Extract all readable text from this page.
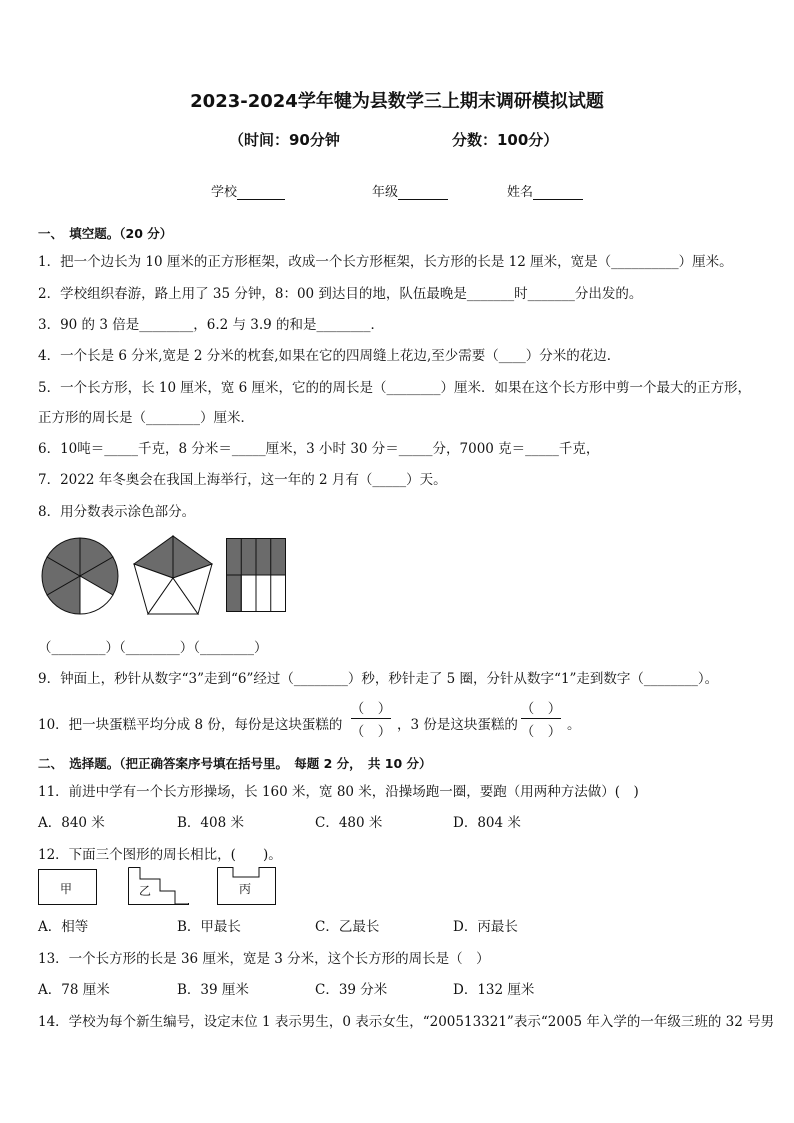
2023-2024学年犍为县数学三上期末调研模拟试题
（时间：90分钟	分数：100分）
学校	年级	姓名
一、　填空题。（20 分）
1．把一个边长为 10 厘米的正方形框架，改成一个长方形框架，长方形的长是 12 厘米，宽是（__________）厘米。
2．学校组织春游，路上用了 35 分钟，8：00 到达目的地，队伍最晚是_______时_______分出发的。
3．90 的 3 倍是________，6.2 与 3.9 的和是________．
4．一个长是 6 分米,宽是 2 分米的枕套,如果在它的四周缝上花边,至少需要（____）分米的花边．
5．一个长方形，长 10 厘米，宽 6 厘米，它的的周长是（________）厘米．如果在这个长方形中剪一个最大的正方形，
正方形的周长是（________）厘米．
6．10吨＝_____千克，8 分米＝_____厘米，3 小时 30 分＝_____分，7000 克＝_____千克，
7．2022 年冬奥会在我国上海举行，这一年的 2 月有（_____）天。
8．用分数表示涂色部分。
（________）（________）（________）
9．钟面上，秒针从数字“3”走到“6”经过（________）秒，秒针走了 5 圈，分针从数字“1”走到数字（________）。
10．把一块蛋糕平均分成 8 份，每份是这块蛋糕的
（　）
（　） ，3 份是这块蛋糕的
（　）
（　） 。
二、　选择题。（把正确答案序号填在括号里。　每题 2 分，　共 10 分）
11．前进中学有一个长方形操场，长 160 米，宽 80 米，沿操场跑一圈，要跑（用两种方法做）(　)
A．840 米	B．408 米	C．480 米	D．804 米
12．下面三个图形的周长相比，(　　)。
甲	乙	丙
A．相等	B．甲最长	C．乙最长	D．丙最长
13．一个长方形的长是 36 厘米，宽是 3 分米，这个长方形的周长是（　）
A．78 厘米	B．39 厘米	C．39 分米	D．132 厘米
14．学校为每个新生编号，设定末位 1 表示男生，0 表示女生，“200513321”表示“2005 年入学的一年级三班的 32 号男
